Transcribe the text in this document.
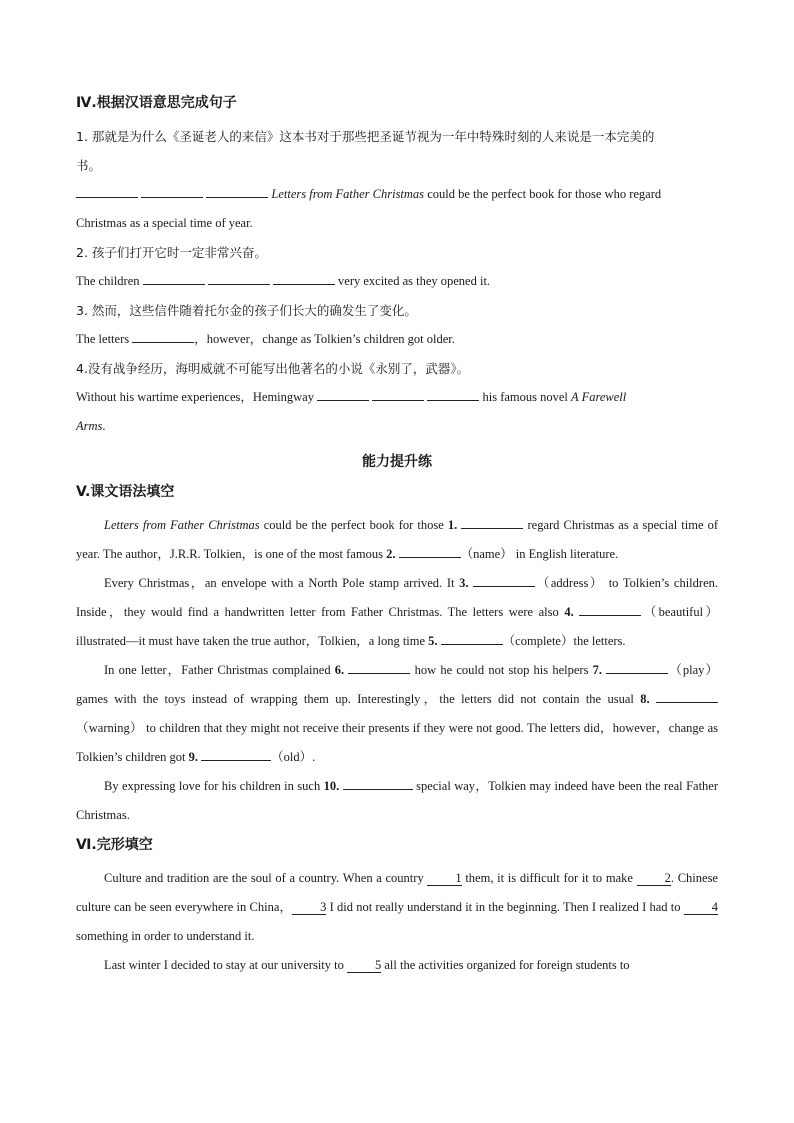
Ⅳ.根据汉语意思完成句子

1. 那就是为什么《圣诞老人的来信》这本书对于那些把圣诞节视为一年中特殊时刻的人来说是一本完美的

书。

Letters from Father Christmas could be the perfect book for those who regard

Christmas as a special time of year.

2. 孩子们打开它时一定非常兴奋。

The children	very excited as they opened it.

3. 然而，这些信件随着托尔金的孩子们长大的确发生了变化。

The letters	，however，change as Tolkien’s children got older.

4.没有战争经历，海明威就不可能写出他著名的小说《永别了，武器》。

Without his wartime experiences，Hemingway	his famous novel A Farewell

Arms.

能力提升练

V.课文语法填空

Letters from Father Christmas could be the perfect book for those 1.	regard Christmas as a special time of year. The author，J.R.R. Tolkien，is one of the most famous 2.	（name） in English literature.

Every Christmas，an envelope with a North Pole stamp arrived. It 3.	（address） to Tolkien’s children. Inside，they would find a handwritten letter from Father Christmas. The letters were also 4.	（beautiful） illustrated—it must have taken the true author，Tolkien，a long time 5.	（complete）the letters.

In one letter，Father Christmas complained 6.	how he could not stop his helpers 7.	（play） games with the toys instead of wrapping them up. Interestingly，the letters did not contain the usual 8. （warning） to children that they might not receive their presents if they were not good. The letters did，however，change as Tolkien’s children got 9.	（old）.

By expressing love for his children in such 10.	special way，Tolkien may indeed have been the real Father Christmas.

Ⅵ.完形填空

Culture and tradition are the soul of a country. When a country 1 them, it is difficult for it to make 2. Chinese culture can be seen everywhere in China， 3 I did not really understand it in the beginning. Then I realized I had to 4 something in order to understand it.

Last winter I decided to stay at our university to 5 all the activities organized for foreign students to
